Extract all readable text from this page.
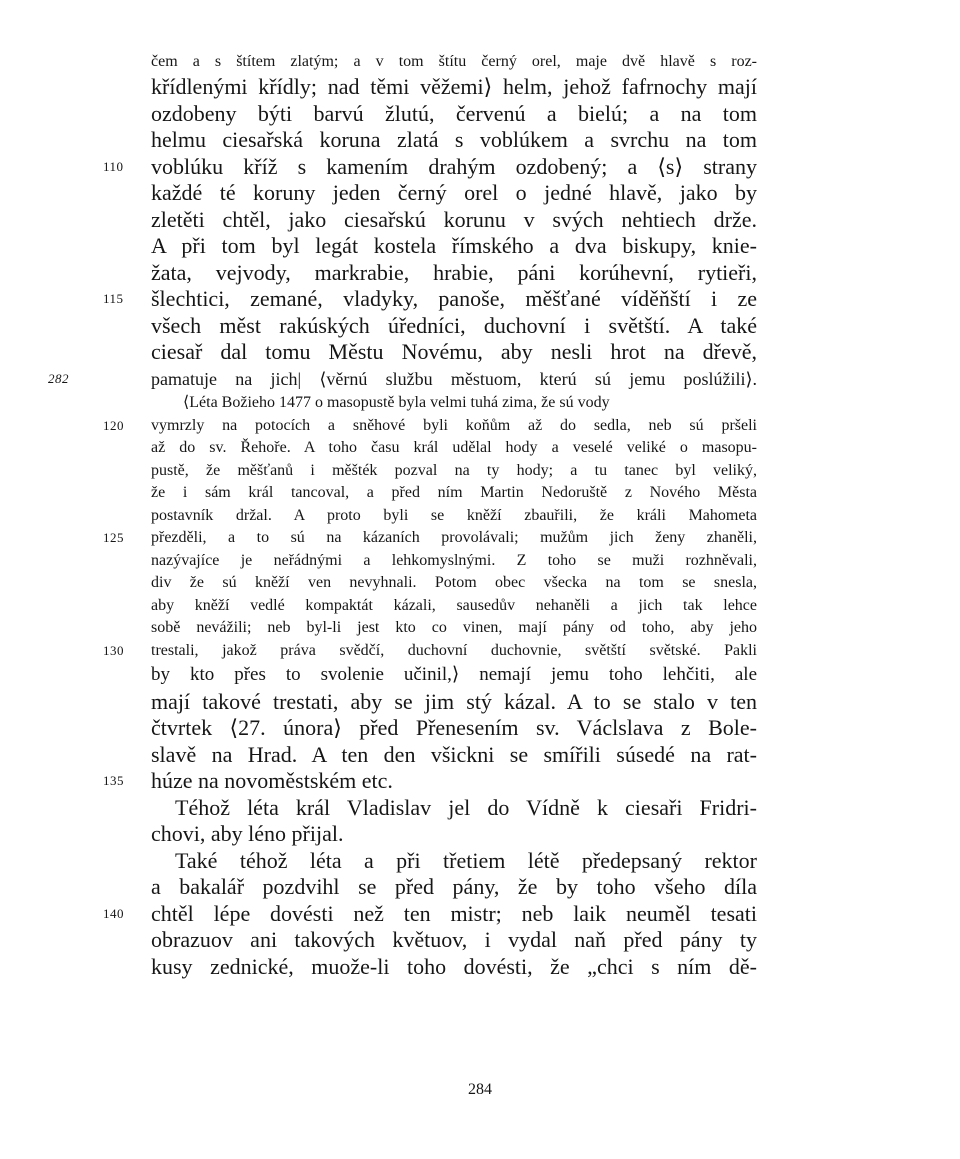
čem a s štítem zlatým; a v tom štítu černý orel, maje dvě hlavě s roz-
křídlenými křídly; nad těmi věžemi⟩ helm, jehož fafrnochy mají
ozdobeny býti barvú žlutú, červenú a bielú; a na tom
helmu ciesařská koruna zlatá s voblúkem a svrchu na tom
110	voblúku kříž s kamením drahým ozdobený; a ⟨s⟩ strany
každé té koruny jeden černý orel o jedné hlavě, jako by
zletěti chtěl, jako ciesařskú korunu v svých nehtiech drže.
A při tom byl legát kostela římského a dva biskupy, knie-
žata, vejvody, markrabie, hrabie, páni korúhevní, rytieři,
115	šlechtici, zemané, vladyky, panoše, měšťané víděňští i ze
všech měst rakúských úředníci, duchovní i světští. A také
ciesař dal tomu Městu Novému, aby nesli hrot na dřevě,
282	pamatuje na jich| ⟨věrnú službu městuom, kterú sú jemu poslúžili⟩.
⟨Léta Božieho 1477 o masopustě byla velmi tuhá zima, že sú vody
120	vymrzly na potocích a sněhové byli koňům až do sedla, neb sú pršeli
až do sv. Řehoře. A toho času král udělal hody a veselé veliké o masopu-
pustě, že měšťanů i měšték pozval na ty hody; a tu tanec byl veliký,
že i sám král tancoval, a před ním Martin Nedoruště z Nového Města
postavník držal. A proto byli se kněží zbauřili, že králi Mahometa
125	přezděli, a to sú na kázaních provolávali; mužům jich ženy zhaněli,
nazývajíce je neřádnými a lehkomyslnými. Z toho se muži rozhněvali,
div že sú kněží ven nevyhnali. Potom obec všecka na tom se snesla,
aby kněží vedlé kompaktát kázali, sausedův nehaněli a jich tak lehce
sobě nevážili; neb byl-li jest kto co vinen, mají pány od toho, aby jeho
130	trestali, jakož práva svědčí, duchovní duchovnie, světští světské. Pakli
by kto přes to svolenie učinil,⟩ nemají jemu toho lehčiti, ale
mají takové trestati, aby se jim stý kázal. A to se stalo v ten
čtvrtek ⟨27. února⟩ před Přenesením sv. Václslava z Bole-
slavě na Hrad. A ten den všickni se smířili súsedé na rat-
135	húze na novoměstském etc.
Téhož léta král Vladislav jel do Vídně k ciesaři Fridri-
chovi, aby léno přijal.
Také téhož léta a při třetiem létě předepsaný rektor
a bakalář pozdvihl se před pány, že by toho všeho díla
140	chtěl lépe dovésti než ten mistr; neb laik neuměl tesati
obrazuov ani takových květuov, i vydal naň před pány ty
kusy zednické, muože-li toho dovésti, že „chci s ním dě-
284
